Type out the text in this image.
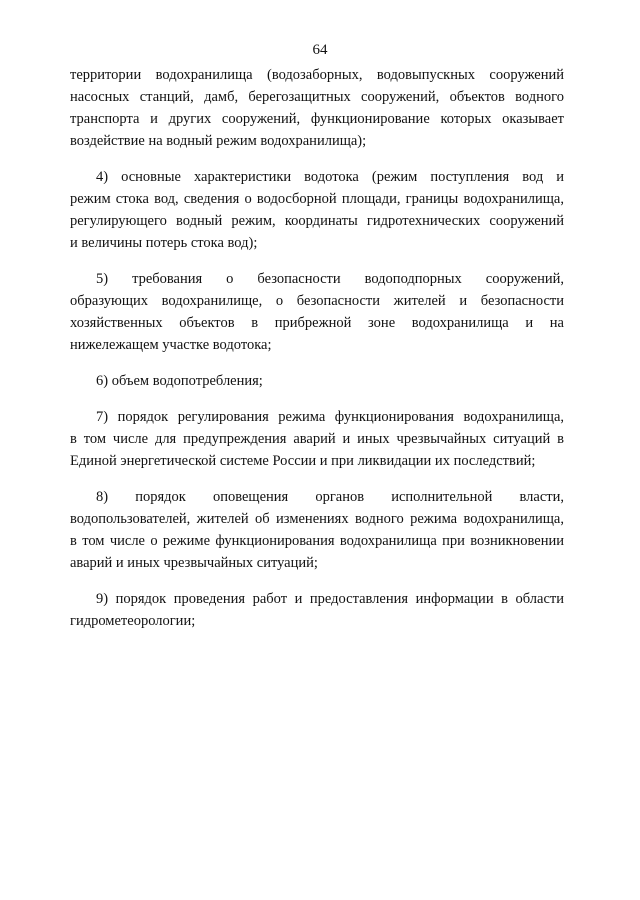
64
территории водохранилища (водозаборных, водовыпускных сооружений
насосных станций, дамб, берегозащитных сооружений, объектов водного
транспорта и других сооружений, функционирование которых оказывает
воздействие на водный режим водохранилища);
4) основные характеристики водотока (режим поступления вод и
режим стока вод, сведения о водосборной площади, границы водохранилища,
регулирующего водный режим, координаты гидротехнических сооружений
и величины потерь стока вод);
5) требования о безопасности водоподпорных сооружений,
образующих водохранилище, о безопасности жителей и безопасности
хозяйственных объектов в прибрежной зоне водохранилища и на
нижележащем участке водотока;
6) объем водопотребления;
7) порядок регулирования режима функционирования водохранилища,
в том числе для предупреждения аварий и иных чрезвычайных ситуаций в
Единой энергетической системе России и при ликвидации их последствий;
8) порядок оповещения органов исполнительной власти,
водопользователей, жителей об изменениях водного режима водохранилища,
в том числе о режиме функционирования водохранилища при возникновении
аварий и иных чрезвычайных ситуаций;
9) порядок проведения работ и предоставления информации в области
гидрометеорологии;
